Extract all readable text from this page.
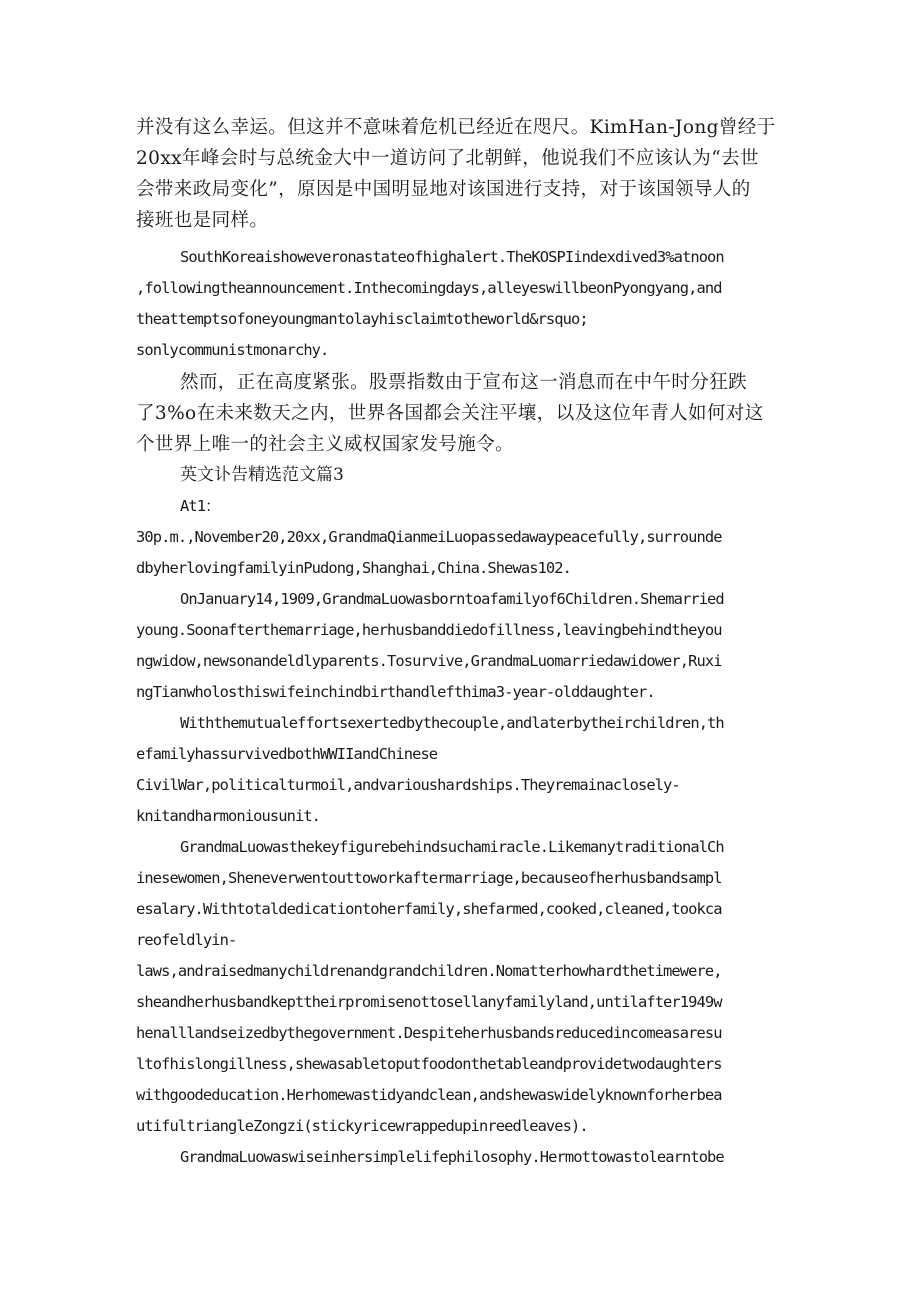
并没有这么幸运。但这并不意味着危机已经近在咫尺。KimHan-Jong曾经于
20xx年峰会时与总统金大中一道访问了北朝鲜，他说我们不应该认为“去世
会带来政局变化”，原因是中国明显地对该国进行支持，对于该国领导人的
接班也是同样。
SouthKoreaishoweveronastateofhighalert.TheKOSPIindexdived3%atnoon
,followingtheannouncement.Inthecomingdays,alleyeswillbeonPyongyang,and
theattemptsofoneyoungmantolayhisclaimtotheworld&rsquo;
sonlycommunistmonarchy.
然而，正在高度紧张。股票指数由于宣布这一消息而在中午时分狂跌
了3%o在未来数天之内，世界各国都会关注平壤，以及这位年青人如何对这
个世界上唯一的社会主义威权国家发号施令。
英文讣告精选范文篇3
At1：
30p.m.,November20,20xx,GrandmaQianmeiLuopassedawaypeacefully,surrounde
dbyherlovingfamilyinPudong,Shanghai,China.Shewas102.
OnJanuary14,1909,GrandmaLuowasborntoafamilyof6Children.Shemarried
young.Soonafterthemarriage,herhusbanddiedofillness,leavingbehindtheyou
ngwidow,newsonandeldlyparents.Tosurvive,GrandmaLuomarriedawidower,Ruxi
ngTianwholosthiswifeinchindbirthandlefthima3-year-olddaughter.
Withthemutualeffortsexertedbythecouple,andlaterbytheirchildren,th
efamilyhassurvivedbothWWIIandChinese
CivilWar,politicalturmoil,andvarioushardships.Theyremainaclosely-
knitandharmoniousunit.
GrandmaLuowasthekeyfigurebehindsuchamiracle.LikemanytraditionalCh
inesewomen,Sheneverwentouttoworkaftermarriage,becauseofherhusbandsampl
esalary.Withtotaldedicationtoherfamily,shefarmed,cooked,cleaned,tookca
reofeldlyin-
laws,andraisedmanychildrenandgrandchildren.Nomatterhowhardthetimewere,
sheandherhusbandkepttheirpromisenottosellanyfamilyland,untilafter1949w
henalllandseizedbythegovernment.Despiteherhusbandsreducedincomeasaresu
ltofhislongillness,shewasabletoputfoodonthetableandprovidetwodaughters
withgoodeducation.Herhomewastidyandclean,andshewaswidelyknownforherbea
utifultriangleZongzi(stickyricewrappedupinreedleaves).
GrandmaLuowaswiseinhersimplelifephilosophy.Hermottowastolearntobe
